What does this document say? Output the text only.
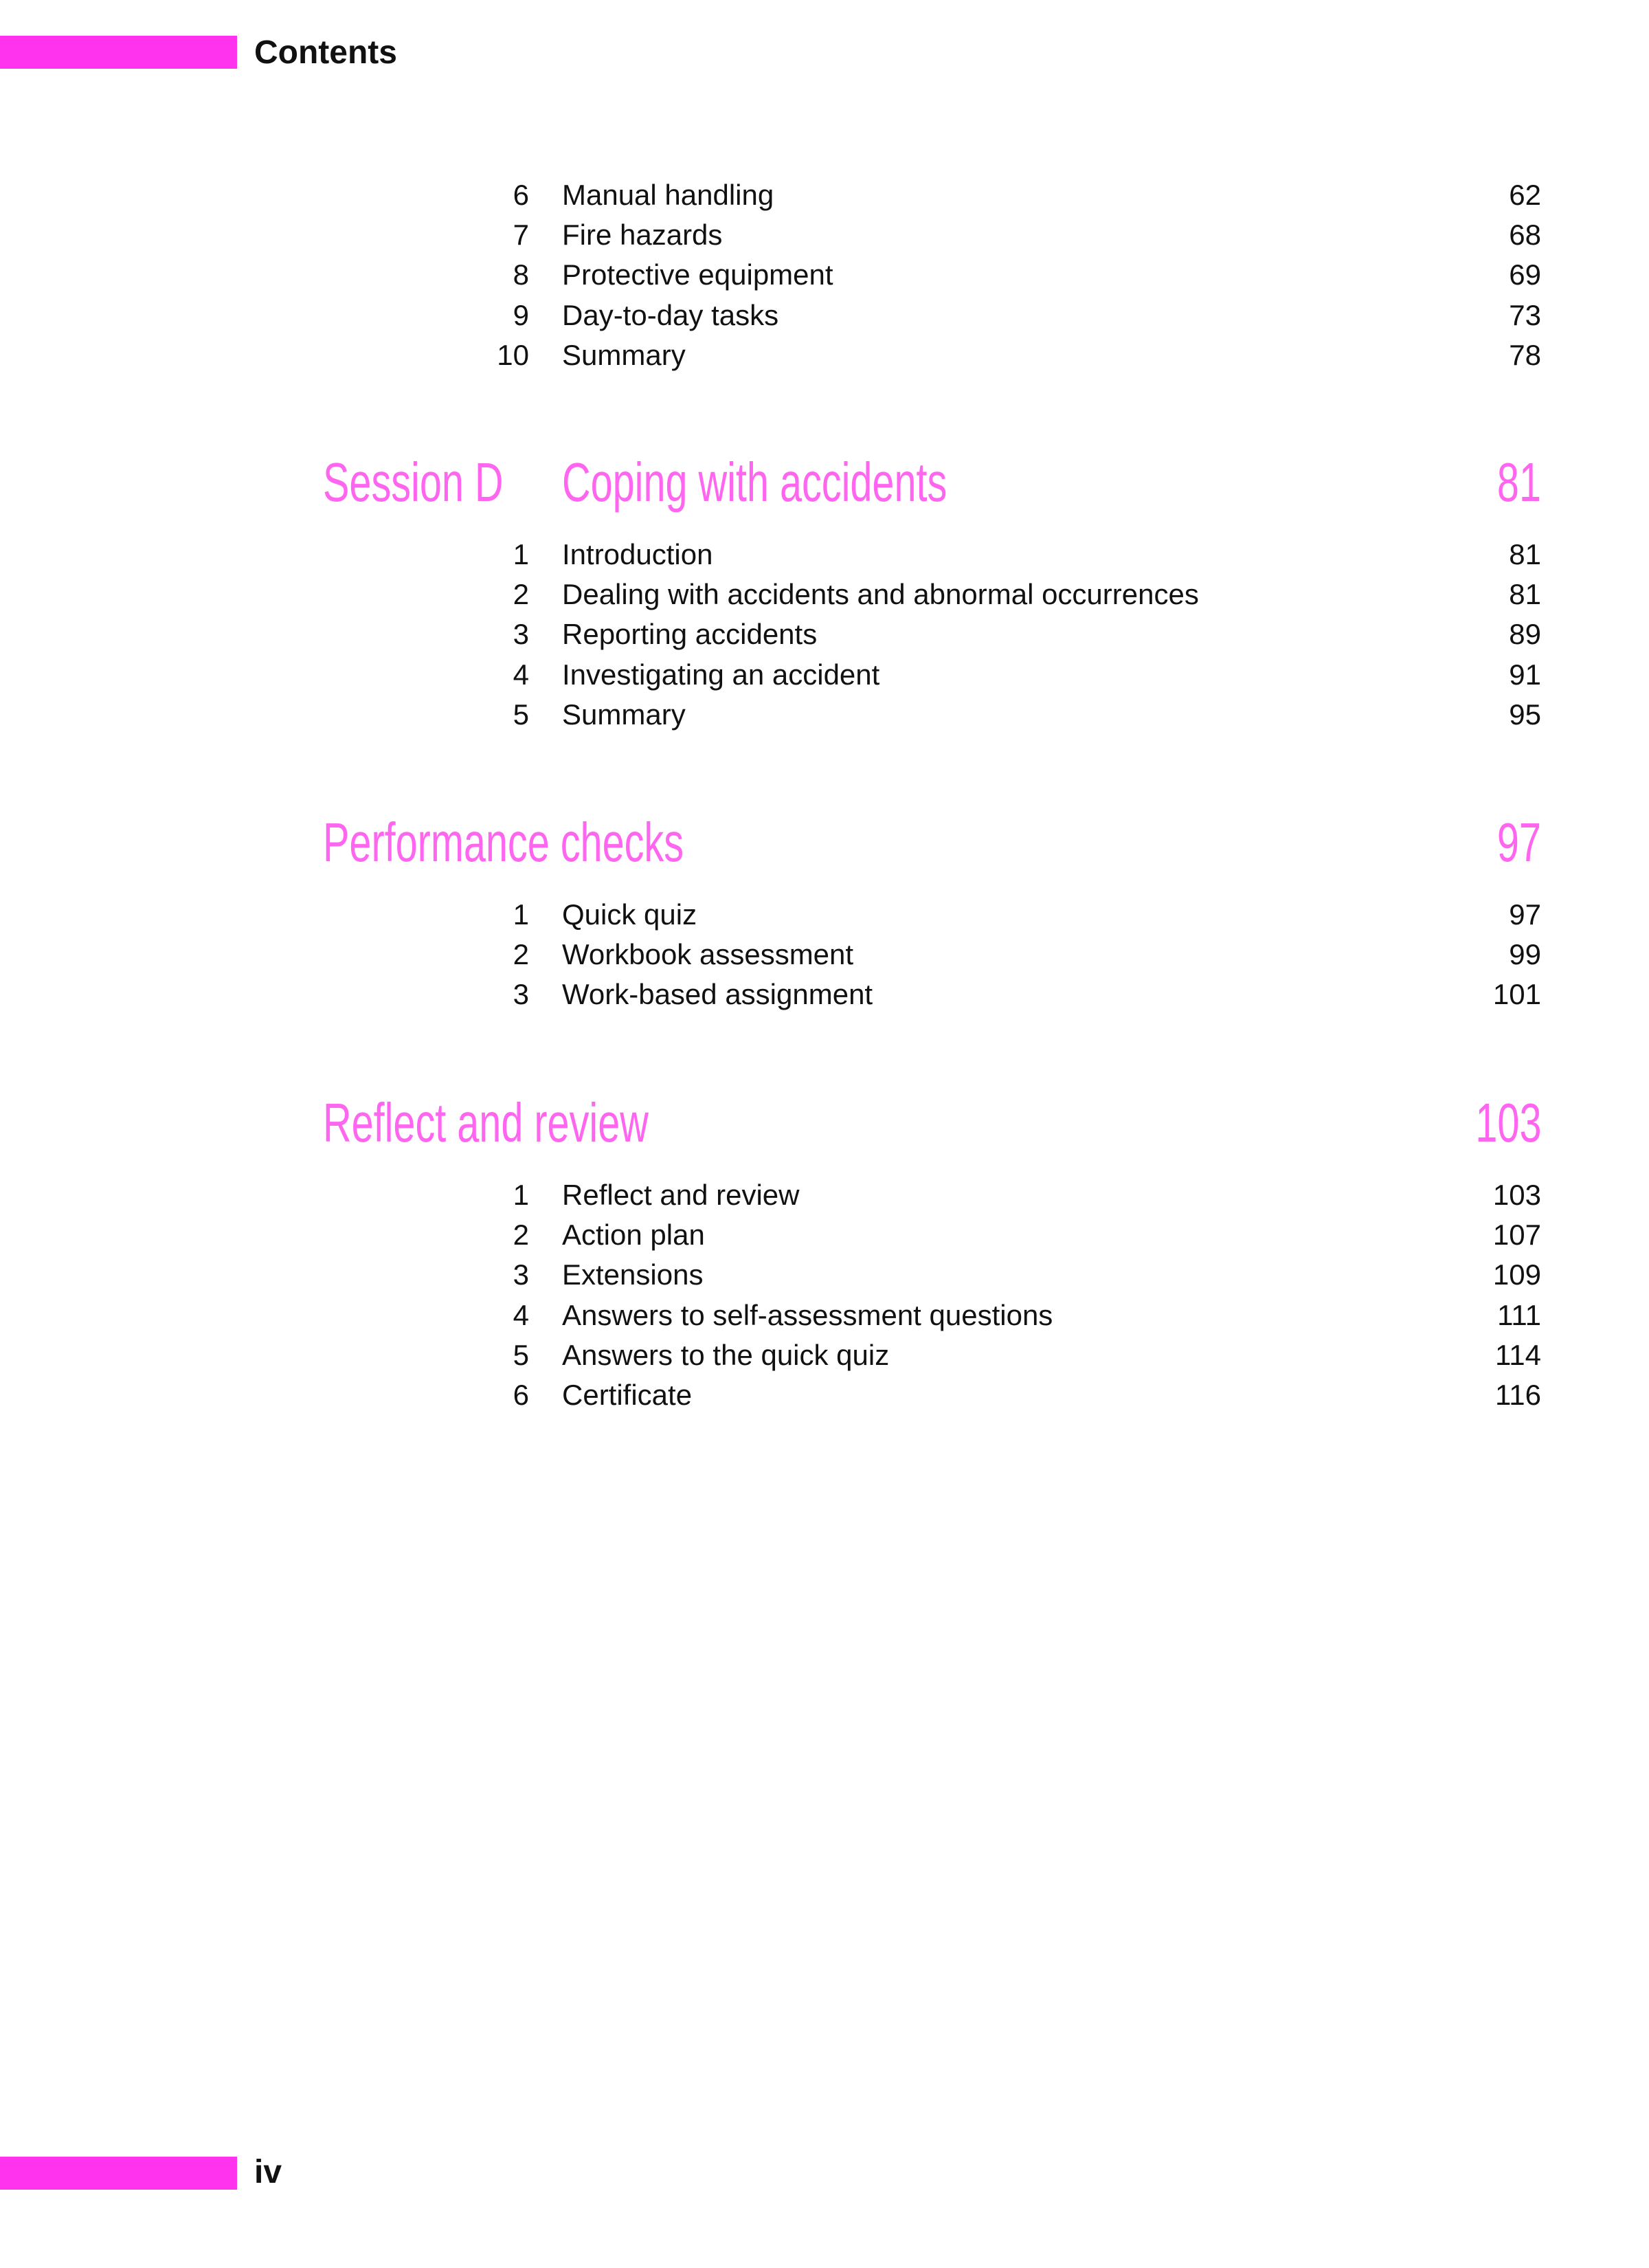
Contents
6 Manual handling	62
7 Fire hazards	68
8 Protective equipment	69
9 Day-to-day tasks	73
10 Summary	78
Session D Coping with accidents	81
1 Introduction	81
2 Dealing with accidents and abnormal occurrences	81
3 Reporting accidents	89
4 Investigating an accident	91
5 Summary	95
Performance checks	97
1 Quick quiz	97
2 Workbook assessment	99
3 Work-based assignment	101
Reflect and review	103
1 Reflect and review	103
2 Action plan	107
3 Extensions	109
4 Answers to self-assessment questions	111
5 Answers to the quick quiz	114
6 Certificate	116
iv
